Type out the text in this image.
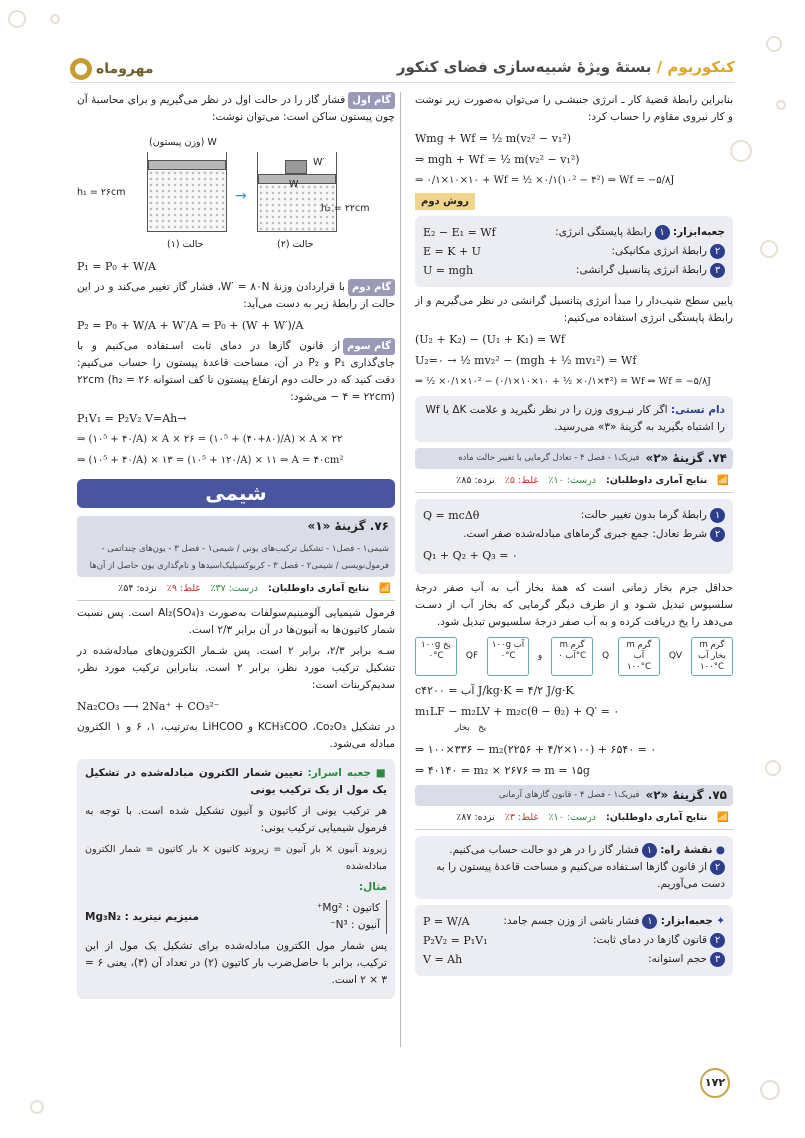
کنکوریوم / بستهٔ ویژهٔ شبیه‌سازی فضای کنکور
مهروماه

بنابراین رابطهٔ قضیهٔ کار ـ انرژی جنبشـی را می‌توان به‌صورت زیر نوشت و کار نیروی مقاوم را حساب کرد:

Wmg + Wf = ½ m(v₂² − v₁²)
⇒ mgh + Wf = ½ m(v₂² − v₁²)
⇒ ۰/۱×۱۰×۱۰ + Wf = ½ ×۰/۱(۱۰² − ۴²) ⇒ Wf = −۵/۸J
روش دوم
جعبه‌ابزار: ۱رابطهٔ پایستگی انرژی:
E₂ − E₁ = Wf
۲رابطهٔ انرژی مکانیکی:
E = K + U
۳رابطهٔ انرژی پتانسیل گرانشی:
U = mgh

پایین سطح شیب‌دار را مبدأ انرژی پتانسیل گرانشی در نظر می‌گیریم و از رابطهٔ پایستگی انرژی استفاده می‌کنیم:

(U₂ + K₂) − (U₁ + K₁) = Wf
U₂=۰ → ½ mv₂² − (mgh + ½ mv₁²) = Wf
⇒ ½ ×۰/۱×۱۰² − (۰/۱×۱۰×۱۰ + ½ ×۰/۱×۴²) = Wf ⇒ Wf = −۵/۸J
دام تستی: اگر کار نیـروی وزن را در نظر نگیرید و علامت ΔK یا Wf را اشتباه بگیرید به گزینهٔ «۳» می‌رسید.
۷۴. گزینهٔ «۲»
فیزیک۱ - فصل ۴ - تعادل گرمایی با تغییر حالت ماده
📶
نتایج آماری داوطلبان:
درست: ۱۰٪
غلط: ۵٪
نزده: ۸۵٪
۱رابطهٔ گرما بدون تغییر حالت:
Q = mcΔθ
۲شرط تعادل: جمع جبری گرماهای مبادله‌شده صفر است.
Q₁ + Q₂ + Q₃ = ۰

حداقل جرم بخار زمانی است که همهٔ بخار آب به آب صفر درجهٔ سلسیوس تبدیل شـود و از طرف دیگر گرمایی که بخار آب از دسـت می‌دهد را یخ دریافت کرده و به آب صفر درجهٔ سلسیوس تبدیل شود.

۱۰۰g یخ ۰°C	QF
۱۰۰g آب ۰°C	و
m گرم آب ۰°C	Q
m گرم آب ۱۰۰°C
QV
m گرم بخار آب ۱۰۰°C
cآب = ۴۲۰۰ J/kg·K = ۴/۲ J/g·K
m₁LF − m₂LV + m₂c(θ − θ₂) + Q′ = ۰
یخ بخار
⇒ ۱۰۰×۳۳۶ − m₂(۲۲۵۶ + ۴/۲×۱۰۰) + ۶۵۴۰ = ۰
⇒ ۴۰۱۴۰ = m₂ × ۲۶۷۶ ⇒ m = ۱۵g
۷۵. گزینهٔ «۲»
فیزیک۱ - فصل ۴ - قانون گازهای آرمانی
📶
نتایج آماری داوطلبان:
درست: ۱۰٪
غلط: ۳٪
نزده: ۸۷٪
● نقشهٔ راه: ۱فشار گاز را در هر دو حالت حساب می‌کنیم.
۲از قانون گازها اسـتفاده می‌کنیم و مساحت قاعدهٔ پیستون را به دست می‌آوریم.
✦ جعبه‌ابزار: ۱فشار ناشی از وزن جسم جامد:
P = W/A
۲قانون گازها در دمای ثابت:
P₂V₂ = P₁V₁
۳حجم استوانه:
V = Ah

گام اولفشار گاز را در حالت اول در نظر می‌گیریم و برای محاسبهٔ آن چون پیستون ساکن است: می‌توان نوشت:

W (وزن پیستون)
h₁ = ۲۶cm
حالت (۱)
→
W′
W
h₂ = ۲۲cm
حالت (۲)
P₁ = P₀ + W/A

گام دومبا قراردادن وزنهٔ W′ = ۸۰N، فشار گاز تغییر می‌کند و در این حالت از رابطهٔ زیر به دست می‌آید:

P₂ = P₀ + W/A + W′/A = P₀ + (W + W′)/A

گام سوماز قانون گازها در دمای ثابت اسـتفاده می‌کنیم و با جای‌گذاری P₁ و P₂ در آن، مساحت قاعدهٔ پیستون را حساب می‌کنیم: دقت کنید که در حالت دوم ارتفاع پیستون تا کف استوانه ۲۲cm (h₂ = ۲۶ − ۴ = ۲۲cm) می‌شود:

P₁V₁ = P₂V₂ V=Ah→
⇒ (۱۰⁵ + ۴۰/A) × A × ۲۶ = (۱۰⁵ + (۴۰+۸۰)/A) × A × ۲۲
⇒ (۱۰⁵ + ۴۰/A) × ۱۳ = (۱۰⁵ + ۱۲۰/A) × ۱۱ ⇒ A = ۴۰cm²
شیمی
۷۶. گزینهٔ «۱»
شیمی۱ - فصل۱ - تشکیل ترکیب‌های یونی / شیمی۱ - فصل ۳ - یون‌های چنداتمی - فرمول‌نویسی / شیمی۲ - فصل ۳ - کربوکسیلیک‌اسیدها و نام‌گذاری یون حاصل از آن‌ها
📶
نتایج آماری داوطلبان:
درست: ۳۷٪
غلط: ۹٪
نزده: ۵۴٪

فرمول شیمیایی آلومینیم‌سولفات به‌صورت Al₂(SO₄)₃ است. پس نسبت شمار کاتیون‌ها به آنیون‌ها در آن برابر ۲/۳ است.

سـه برابر ۲/۳، برابر ۲ است. پس شـمار الکترون‌های مبادله‌شده در تشکیل ترکیب مورد نظر، برابر ۲ است. بنابراین ترکیب مورد نظر، سدیم‌کربنات است:

Na₂CO₃ ⟶ 2Na⁺ + CO₃²⁻

در تشکیل KCH₃COO ،Co₂O₃ و LiHCOO به‌ترتیب، ۱، ۶ و ۱ الکترون مبادله می‌شود.

■ جعبه اسرار: تعیین شمار الکترون مبادله‌شده در تشکیل یک مول از یک ترکیب یونی

هر ترکیب یونی از کاتیون و آنیون تشکیل شده است. با توجه به فرمول شیمیایی ترکیب یونی:

زیروند آنیون × بار آنیون = زیروند کاتیون × بار کاتیون = شمار الکترون مبادله‌شده

مثال:

کاتیون : Mg²⁺
آنیون : N³⁻
منیزیم نیترید : Mg₃N₂

پس شمار مول الکترون مبادله‌شده برای تشکیل یک مول از این ترکیب، برابر با حاصل‌ضرب بار کاتیون (۲) در تعداد آن (۳)، یعنی ۶ = ۳ × ۲ است.

۱۷۲
